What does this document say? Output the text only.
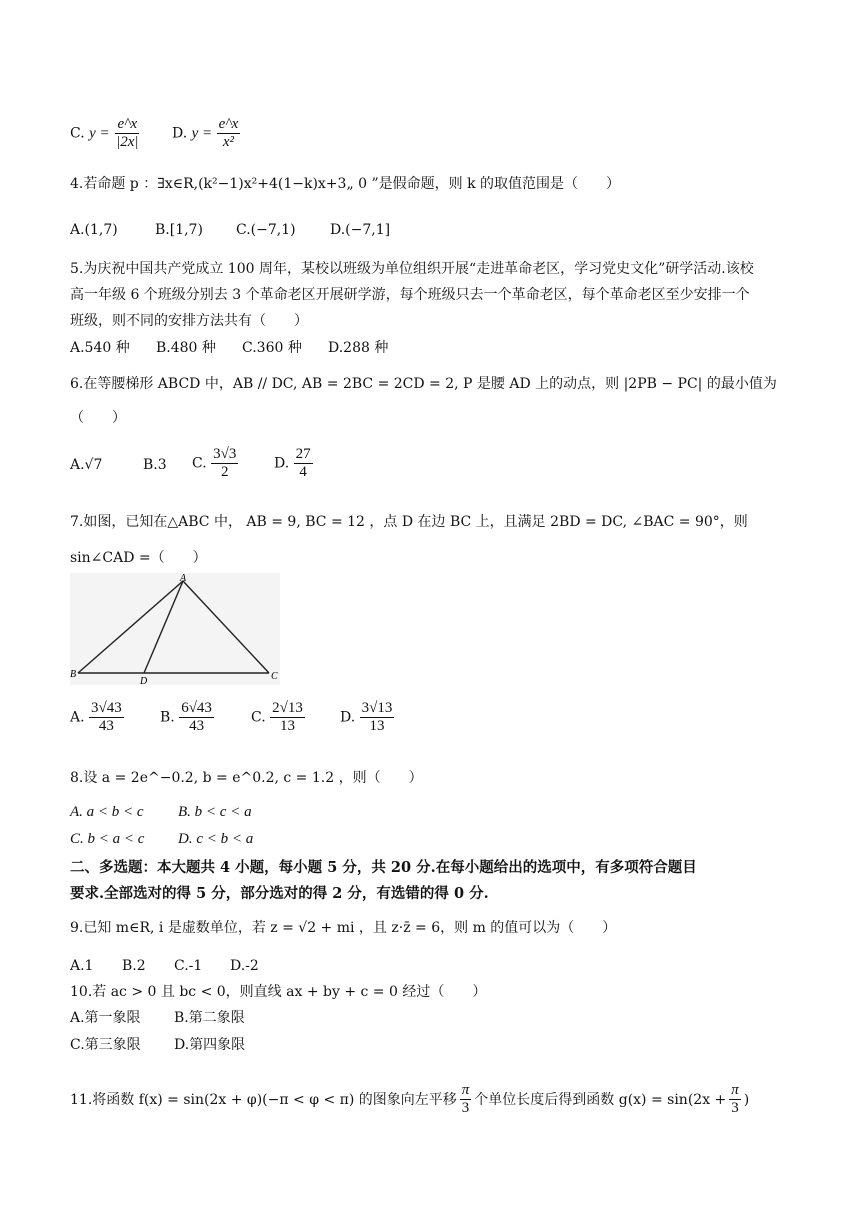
C. $y = \frac{e\^{}x}{|2x|} D$. $y = \frac{e\^{}x}{\text{x²}}$
4.若命题 p ：∃x∈R,(k²−1)x²+4(1−k)x+3„ 0 ”是假命题，则 k 的取值范围是（　　）
A.(1,7)	B.[1,7) C.(−7,1) D.(−7,1]
5.为庆祝中国共产党成立 100 周年，某校以班级为单位组织开展“走进革命老区，学习党史文化”研学活动.该校
高一年级 6 个班级分别去 3 个革命老区开展研学游，每个班级只去一个革命老区，每个革命老区至少安排一个
班级，则不同的安排方法共有（　　）
A.540 种 B.480 种 C.360 种 D.288 种
6.在等腰梯形 ABCD 中，AB // DC, AB = 2BC = 2CD = 2, P 是腰 AD 上的动点，则 |2PB − PC| 的最小值为
（　　）
A.√7	B.3 C. $\frac{3√3}{2}$	D. $\frac{27}{4}$
7.如图，已知在△ABC 中， AB = 9, BC = 12 ，点 D 在边 BC 上，且满足 2BD = DC, ∠BAC = 90°，则
sin∠CAD =（　　）
A
B
D	C
A. $\frac{3√43}{43}$	B. $\frac{6√43}{43}$	C. $\frac{2√13}{13}$	D. $\frac{3√13}{13}$
8.设 a = 2e^−0.2, b = e^0.2, c = 1.2 ，则（　　）
A. a < b < c B. b < c < a
C. b < a < c D. c < b < a
二、多选题：本大题共 4 小题，每小题 5 分，共 20 分.在每小题给出的选项中，有多项符合题目
要求.全部选对的得 5 分，部分选对的得 2 分，有选错的得 0 分.
9.已知 m∈R, i 是虚数单位，若 z = √2 + mi ，且 z·z̄ = 6，则 m 的值可以为（　　）
A.1 B.2 C.-1 D.-2
10.若 ac > 0 且 bc < 0，则直线 ax + by + c = 0 经过（　　）
A.第一象限 B.第二象限
C.第三象限 D.第四象限
11.将函数 f(x) = sin(2x + φ)(−π < φ < π) 的图象向左平移 $\frac{\pi}{3}$ 个单位长度后得到函数 $g(x) = \sin(2x + \frac{\pi}{3}$ )
